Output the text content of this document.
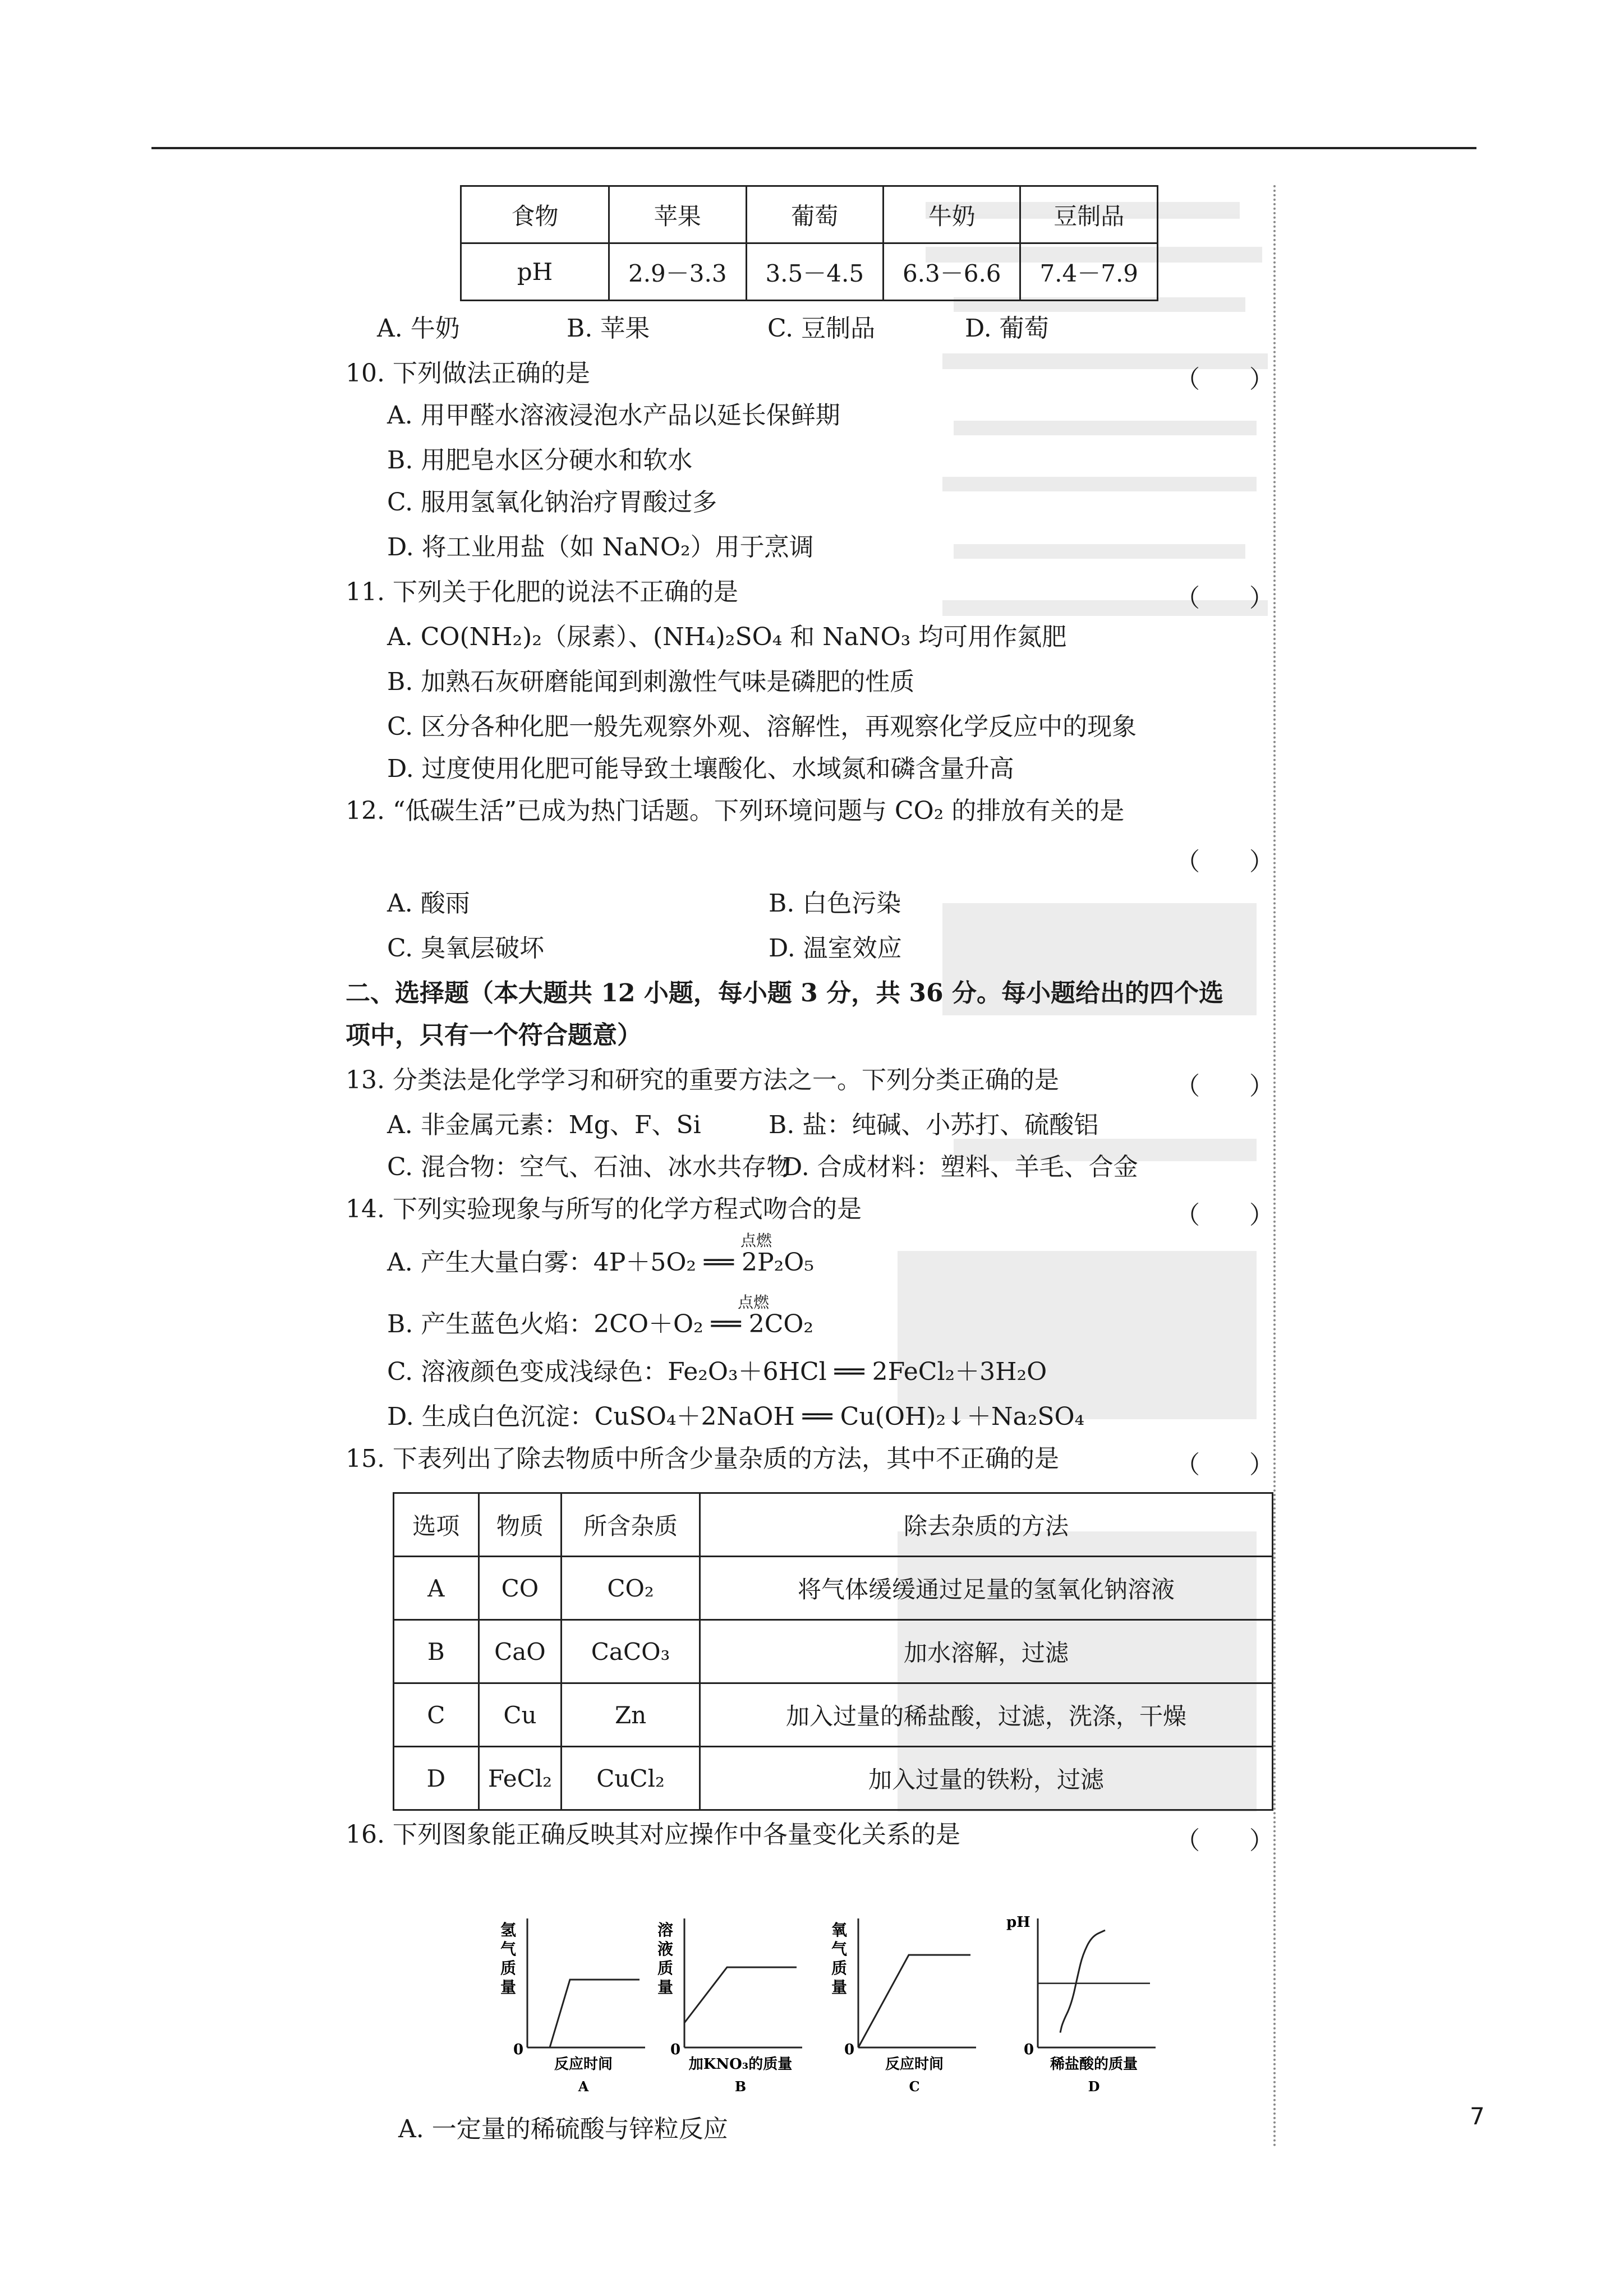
食物	苹果	葡萄	牛奶	豆制品
pH	2.9－3.3	3.5－4.5	6.3－6.6	7.4－7.9
A. 牛奶	B. 苹果	C. 豆制品	D. 葡萄
10. 下列做法正确的是	（　　）
A. 用甲醛水溶液浸泡水产品以延长保鲜期
B. 用肥皂水区分硬水和软水
C. 服用氢氧化钠治疗胃酸过多
D. 将工业用盐（如 NaNO₂）用于烹调
11. 下列关于化肥的说法不正确的是	（　　）
A. CO(NH₂)₂（尿素）、(NH₄)₂SO₄ 和 NaNO₃ 均可用作氮肥
B. 加熟石灰研磨能闻到刺激性气味是磷肥的性质
C. 区分各种化肥一般先观察外观、溶解性，再观察化学反应中的现象
D. 过度使用化肥可能导致土壤酸化、水域氮和磷含量升高
12. “低碳生活”已成为热门话题。下列环境问题与 CO₂ 的排放有关的是
（　　）
A. 酸雨	B. 白色污染
C. 臭氧层破坏	D. 温室效应
二、选择题（本大题共 12 小题，每小题 3 分，共 36 分。每小题给出的四个选
项中，只有一个符合题意）
13. 分类法是化学学习和研究的重要方法之一。下列分类正确的是	（　　）
A. 非金属元素：Mg、F、Si	B. 盐：纯碱、小苏打、硫酸铝
C. 混合物：空气、石油、冰水共存物
D. 合成材料：塑料、羊毛、合金
14. 下列实验现象与所写的化学方程式吻合的是	（　　）
A. 产生大量白雾：4P＋5O₂ ══ 2P₂O₅
点燃
B. 产生蓝色火焰：2CO＋O₂ ══ 2CO₂
点燃
C. 溶液颜色变成浅绿色：Fe₂O₃＋6HCl ══ 2FeCl₂＋3H₂O
D. 生成白色沉淀：CuSO₄＋2NaOH ══ Cu(OH)₂↓＋Na₂SO₄
15. 下表列出了除去物质中所含少量杂质的方法，其中不正确的是	（　　）
选项	物质	所含杂质	除去杂质的方法
A	CO	CO₂	将气体缓缓通过足量的氢氧化钠溶液
B	CaO	CaCO₃	加水溶解，过滤
C	Cu	Zn	加入过量的稀盐酸，过滤，洗涤，干燥
D	FeCl₂	CuCl₂	加入过量的铁粉，过滤
16. 下列图象能正确反映其对应操作中各量变化关系的是	（　　）
0
氢
气
质
量
反应时间
A
0
溶
液
质
量
加KNO₃的质量
B
0
氧
气
质
量
反应时间
C
0
pH
稀盐酸的质量
D
A. 一定量的稀硫酸与锌粒反应	7
